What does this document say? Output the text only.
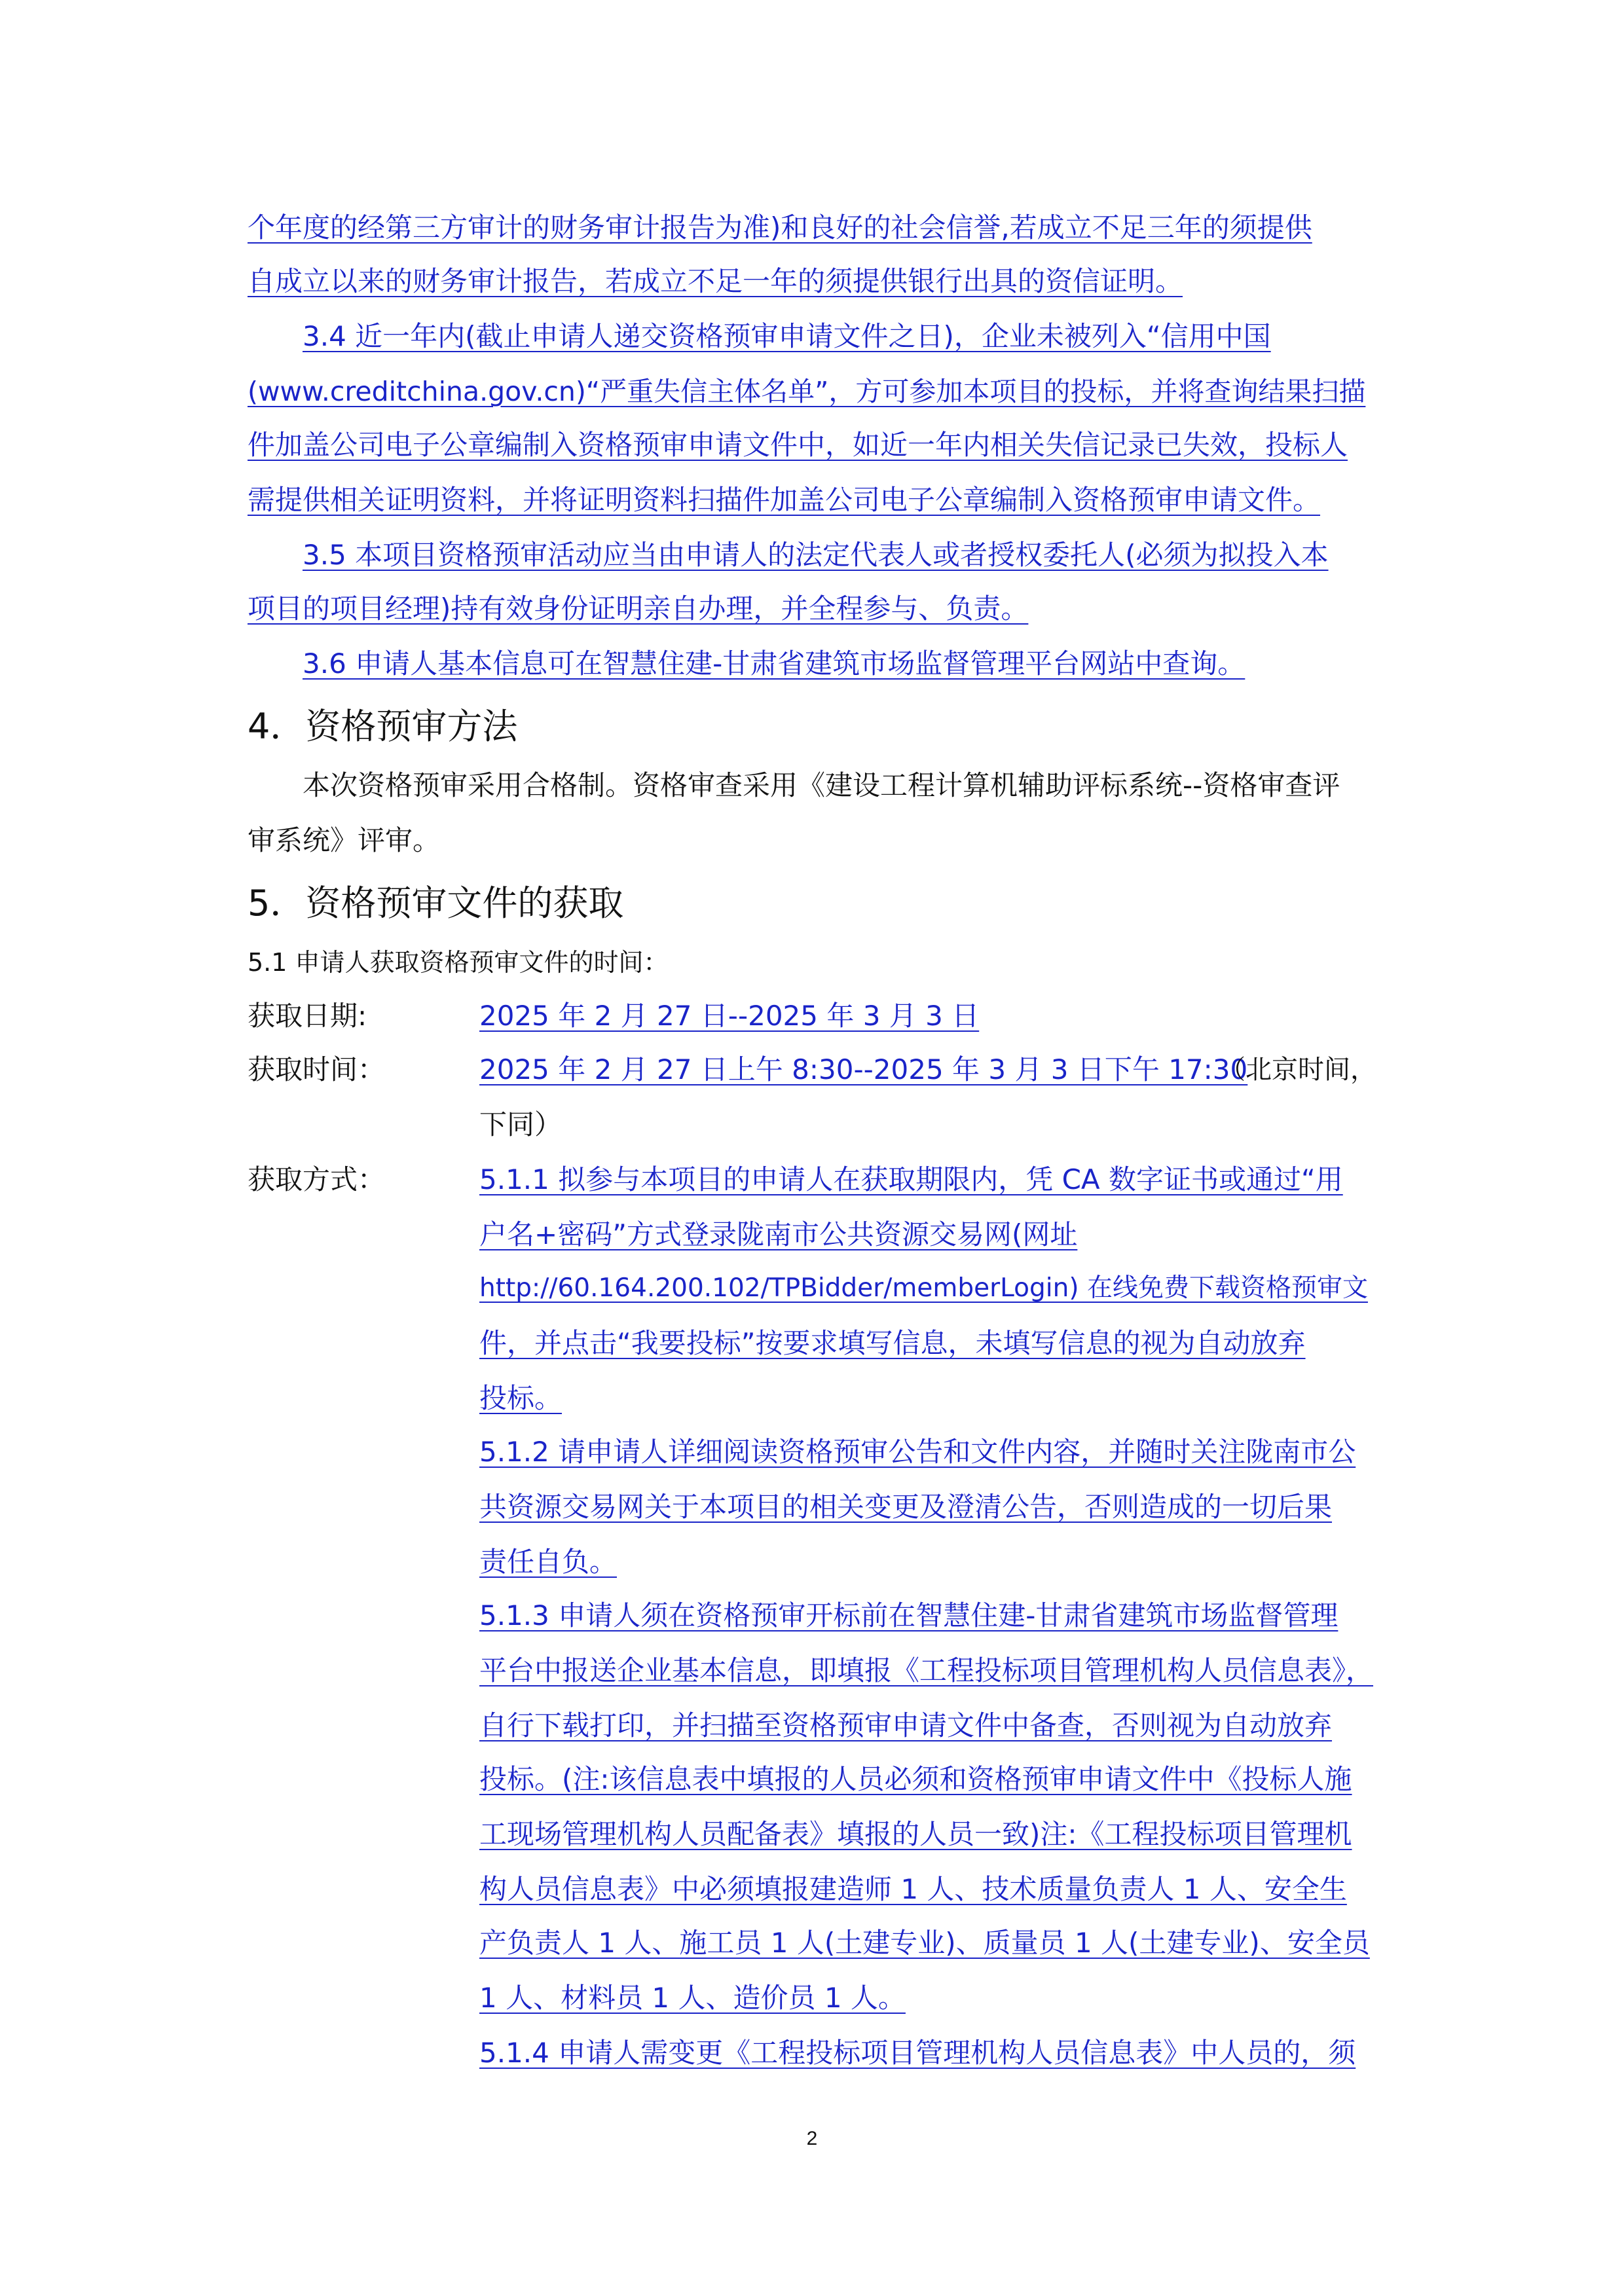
个年度的经第三方审计的财务审计报告为准)和良好的社会信誉,若成立不足三年的须提供
自成立以来的财务审计报告，若成立不足一年的须提供银行出具的资信证明。
3.4 近一年内(截止申请人递交资格预审申请文件之日)，企业未被列入“信用中国
(www.creditchina.gov.cn)“严重失信主体名单”，方可参加本项目的投标，并将查询结果扫描
件加盖公司电子公章编制入资格预审申请文件中，如近一年内相关失信记录已失效，投标人
需提供相关证明资料，并将证明资料扫描件加盖公司电子公章编制入资格预审申请文件。
3.5 本项目资格预审活动应当由申请人的法定代表人或者授权委托人(必须为拟投入本
项目的项目经理)持有效身份证明亲自办理，并全程参与、负责。
3.6 申请人基本信息可在智慧住建-甘肃省建筑市场监督管理平台网站中查询。
4．资格预审方法
本次资格预审采用合格制。资格审查采用《建设工程计算机辅助评标系统--资格审查评
审系统》评审。
5．资格预审文件的获取
5.1 申请人获取资格预审文件的时间：
获取日期:	2025 年 2 月 27 日--2025 年 3 月 3 日
获取时间：	2025 年 2 月 27 日上午 8:30--2025 年 3 月 3 日下午 17:30
（北京时间，
下同）
获取方式：	5.1.1 拟参与本项目的申请人在获取期限内，凭 CA 数字证书或通过“用
户名+密码”方式登录陇南市公共资源交易网(网址
http://60.164.200.102/TPBidder/memberLogin) 在线免费下载资格预审文
件，并点击“我要投标”按要求填写信息，未填写信息的视为自动放弃
投标。
5.1.2 请申请人详细阅读资格预审公告和文件内容，并随时关注陇南市公
共资源交易网关于本项目的相关变更及澄清公告，否则造成的一切后果
责任自负。
5.1.3 申请人须在资格预审开标前在智慧住建-甘肃省建筑市场监督管理
平台中报送企业基本信息，即填报《工程投标项目管理机构人员信息表》，
自行下载打印，并扫描至资格预审申请文件中备查，否则视为自动放弃
投标。(注:该信息表中填报的人员必须和资格预审申请文件中《投标人施
工现场管理机构人员配备表》填报的人员一致)注:《工程投标项目管理机
构人员信息表》中必须填报建造师 1 人、技术质量负责人 1 人、安全生
产负责人 1 人、施工员 1 人(土建专业)、质量员 1 人(土建专业)、安全员
1 人、材料员 1 人、造价员 1 人。
5.1.4 申请人需变更《工程投标项目管理机构人员信息表》中人员的，须
2
